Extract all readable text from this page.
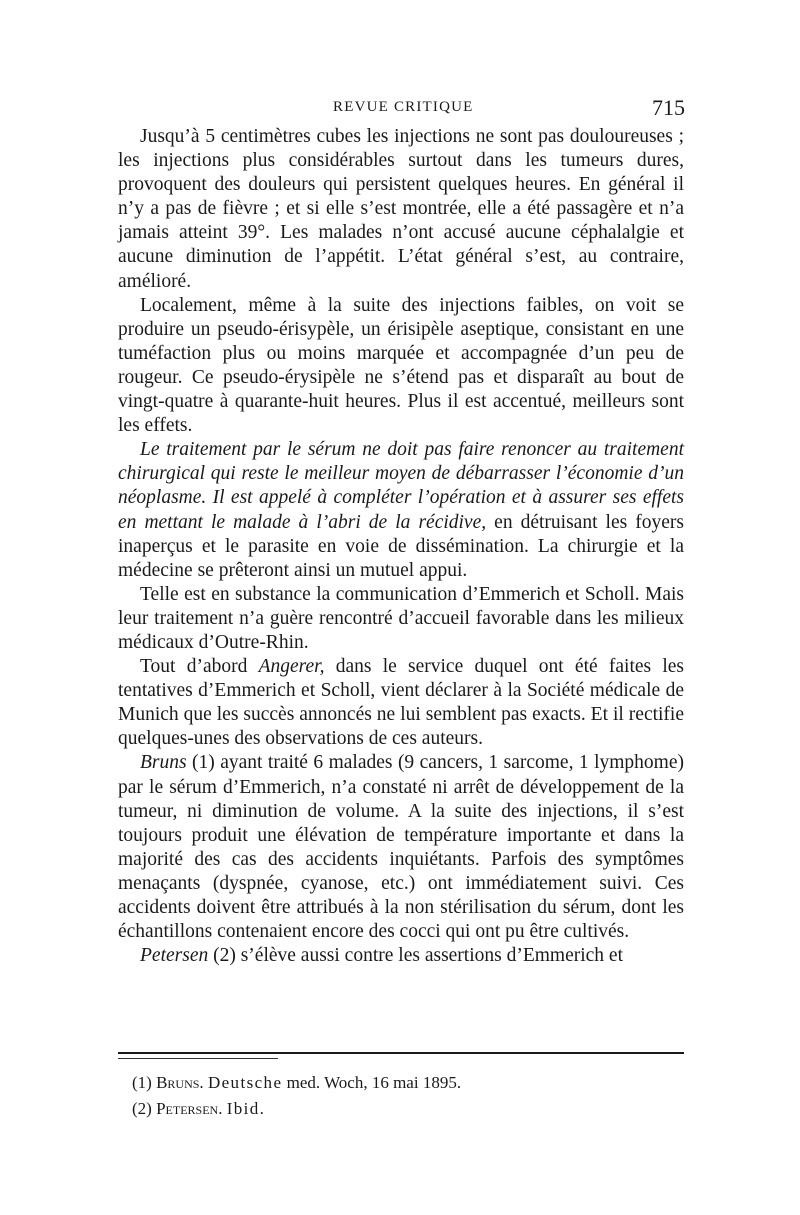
REVUE CRITIQUE	715

Jusqu’à 5 centimètres cubes les injections ne sont pas douloureuses ; les injections plus considérables surtout dans les tumeurs dures, provoquent des douleurs qui persistent quelques heures. En général il n’y a pas de fièvre ; et si elle s’est montrée, elle a été passagère et n’a jamais atteint 39°. Les malades n’ont accusé aucune céphalalgie et aucune diminution de l’appétit. L’état général s’est, au contraire, amélioré.

Localement, même à la suite des injections faibles, on voit se produire un pseudo-érisypèle, un érisipèle aseptique, consistant en une tuméfaction plus ou moins marquée et accompagnée d’un peu de rougeur. Ce pseudo-érysipèle ne s’étend pas et disparaît au bout de vingt-quatre à quarante-huit heures. Plus il est accentué, meilleurs sont les effets.

Le traitement par le sérum ne doit pas faire renoncer au traitement chirurgical qui reste le meilleur moyen de débarrasser l’économie d’un néoplasme. Il est appelé à compléter l’opération et à assurer ses effets en mettant le malade à l’abri de la récidive, en détruisant les foyers inaperçus et le parasite en voie de dissémination. La chirurgie et la médecine se prêteront ainsi un mutuel appui.

Telle est en substance la communication d’Emmerich et Scholl. Mais leur traitement n’a guère rencontré d’accueil favorable dans les milieux médicaux d’Outre-Rhin.

Tout d’abord Angerer, dans le service duquel ont été faites les tentatives d’Emmerich et Scholl, vient déclarer à la Société médicale de Munich que les succès annoncés ne lui semblent pas exacts. Et il rectifie quelques-unes des observations de ces auteurs.

Bruns (1) ayant traité 6 malades (9 cancers, 1 sarcome, 1 lymphome) par le sérum d’Emmerich, n’a constaté ni arrêt de développement de la tumeur, ni diminution de volume. A la suite des injections, il s’est toujours produit une élévation de température importante et dans la majorité des cas des accidents inquiétants. Parfois des symptômes menaçants (dyspnée, cyanose, etc.) ont immédiatement suivi. Ces accidents doivent être attribués à la non stérilisation du sérum, dont les échantillons contenaient encore des cocci qui ont pu être cultivés.

Petersen (2) s’élève aussi contre les assertions d’Emmerich et

(1) Bruns. Deutsche med. Woch, 16 mai 1895.
(2) Petersen. Ibid.
